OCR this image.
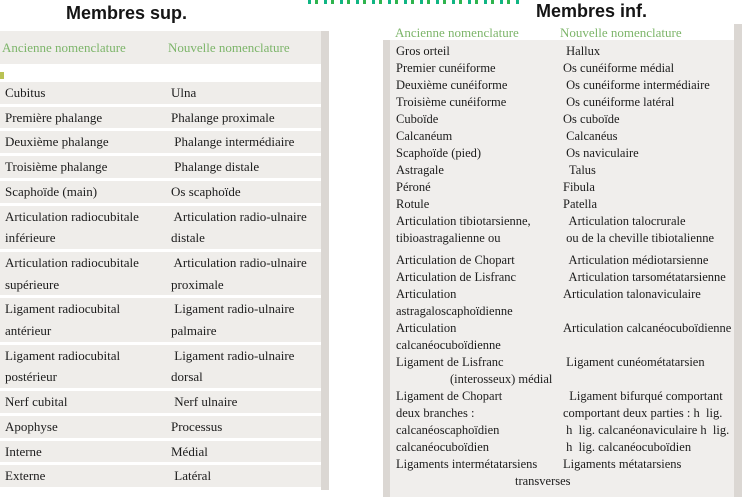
Membres sup.	Membres inf.
Ancienne nomenclature	Nouvelle nomenclature
Cubitus	Ulna
Première phalange	Phalange proximale
Deuxième phalange	Phalange intermédiaire
Troisième phalange	Phalange distale
Scaphoïde (main)	Os scaphoïde
Articulation radiocubitale	Articulation radio-ulnaire
inférieure	distale
Articulation radiocubitale	Articulation radio-ulnaire
supérieure	proximale
Ligament radiocubital	Ligament radio-ulnaire
antérieur	palmaire
Ligament radiocubital	Ligament radio-ulnaire
postérieur	dorsal
Nerf cubital	Nerf ulnaire
Apophyse	Processus
Interne	Médial
Externe	Latéral
Ancienne nomenclature	Nouvelle nomenclature
Gros orteil	Hallux
Premier cunéiforme	Os cunéiforme médial
Deuxième cunéiforme	Os cunéiforme intermédiaire
Troisième cunéiforme	Os cunéiforme latéral
Cuboïde	Os cuboïde
Calcanéum	Calcanéus
Scaphoïde (pied)	Os naviculaire
Astragale	Talus
Péroné	Fibula
Rotule	Patella
Articulation tibiotarsienne,	Articulation talocrurale
tibioastragalienne ou	ou de la cheville tibiotalienne
Articulation de Chopart	Articulation médiotarsienne
Articulation de Lisfranc	Articulation tarsométatarsienne
Articulation	Articulation talonaviculaire
astragaloscaphoïdienne
Articulation	Articulation calcanéocuboïdienne
calcanéocuboïdienne
Ligament de Lisfranc	Ligament cunéométatarsien
(interosseux) médial
Ligament de Chopart	Ligament bifurqué comportant
deux branches :	comportant deux parties : h  lig.
calcanéoscaphoïdien	h  lig. calcanéonaviculaire h  lig.
calcanéocuboïdien	h  lig. calcanéocuboïdien
Ligaments intermétatarsiens	Ligaments métatarsiens
transverses
